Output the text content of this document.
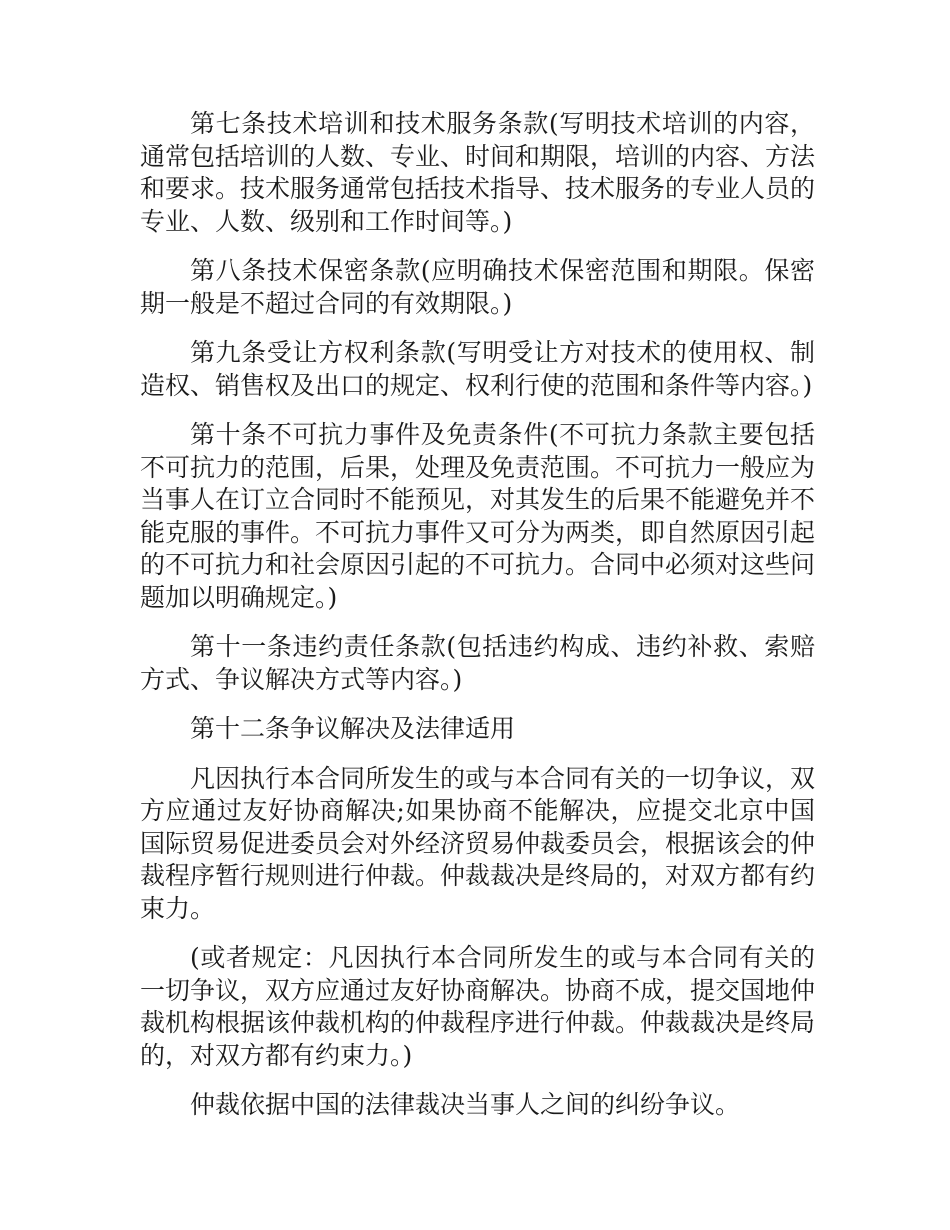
第七条技术培训和技术服务条款(写明技术培训的内容，通常包括培训的人数、专业、时间和期限，培训的内容、方法和要求。技术服务通常包括技术指导、技术服务的专业人员的专业、人数、级别和工作时间等。)

第八条技术保密条款(应明确技术保密范围和期限。保密期一般是不超过合同的有效期限。)

第九条受让方权利条款(写明受让方对技术的使用权、制造权、销售权及出口的规定、权利行使的范围和条件等内容。)

第十条不可抗力事件及免责条件(不可抗力条款主要包括不可抗力的范围，后果，处理及免责范围。不可抗力一般应为当事人在订立合同时不能预见，对其发生的后果不能避免并不能克服的事件。不可抗力事件又可分为两类，即自然原因引起的不可抗力和社会原因引起的不可抗力。合同中必须对这些问题加以明确规定。)

第十一条违约责任条款(包括违约构成、违约补救、索赔方式、争议解决方式等内容。)

第十二条争议解决及法律适用

凡因执行本合同所发生的或与本合同有关的一切争议，双方应通过友好协商解决;如果协商不能解决，应提交北京中国国际贸易促进委员会对外经济贸易仲裁委员会，根据该会的仲裁程序暂行规则进行仲裁。仲裁裁决是终局的，对双方都有约束力。

(或者规定：凡因执行本合同所发生的或与本合同有关的一切争议，双方应通过友好协商解决。协商不成，提交国地仲裁机构根据该仲裁机构的仲裁程序进行仲裁。仲裁裁决是终局的，对双方都有约束力。)

仲裁依据中国的法律裁决当事人之间的纠纷争议。
